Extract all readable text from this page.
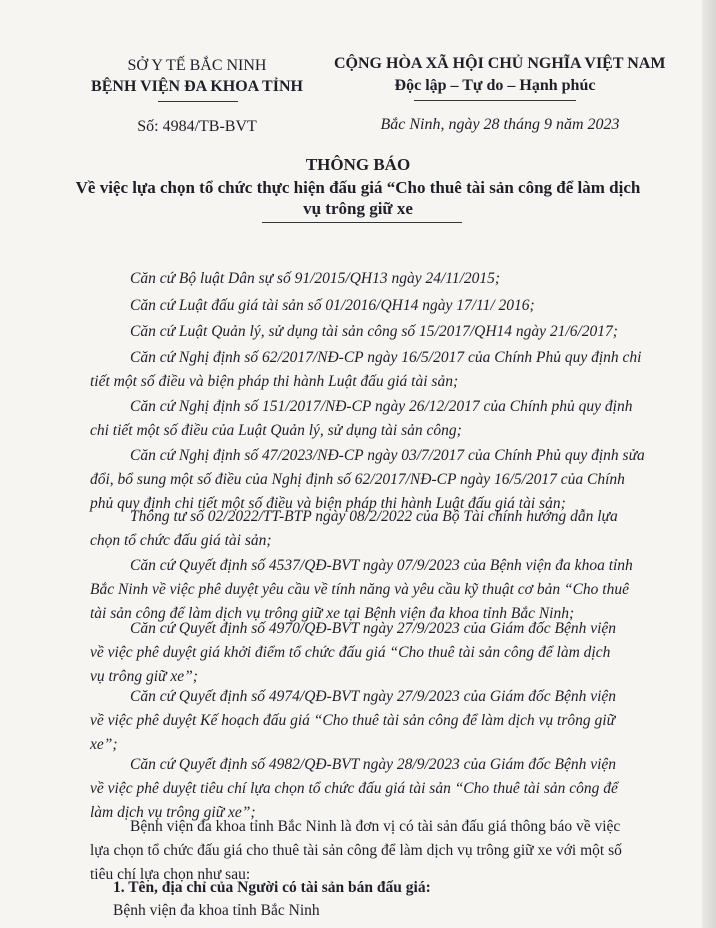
SỞ Y TẾ BẮC NINH
BỆNH VIỆN ĐA KHOA TỈNH
Số: 4984/TB-BVT
CỘNG HÒA XÃ HỘI CHỦ NGHĨA VIỆT NAM
Độc lập – Tự do – Hạnh phúc
Bắc Ninh, ngày 28 tháng 9 năm 2023
THÔNG BÁO
Về việc lựa chọn tổ chức thực hiện đấu giá “Cho thuê tài sản công để làm dịch
vụ trông giữ xe
Căn cứ Bộ luật Dân sự số 91/2015/QH13 ngày 24/11/2015;
Căn cứ Luật đấu giá tài sản số 01/2016/QH14 ngày 17/11/ 2016;
Căn cứ Luật Quản lý, sử dụng tài sản công số 15/2017/QH14 ngày 21/6/2017;
Căn cứ Nghị định số 62/2017/NĐ-CP ngày 16/5/2017 của Chính Phủ quy định chi
tiết một số điều và biện pháp thi hành Luật đấu giá tài sản;
Căn cứ Nghị định số 151/2017/NĐ-CP ngày 26/12/2017 của Chính phủ quy định
chi tiết một số điều của Luật Quản lý, sử dụng tài sản công;
Căn cứ Nghị định số 47/2023/NĐ-CP ngày 03/7/2017 của Chính Phủ quy định sửa
đổi, bổ sung một số điều của Nghị định số 62/2017/NĐ-CP ngày 16/5/2017 của Chính
phủ quy định chi tiết một số điều và biện pháp thi hành Luật đấu giá tài sản;
Thông tư số 02/2022/TT-BTP ngày 08/2/2022 của Bộ Tài chính hướng dẫn lựa
chọn tổ chức đấu giá tài sản;
Căn cứ Quyết định số 4537/QĐ-BVT ngày 07/9/2023 của Bệnh viện đa khoa tỉnh
Bắc Ninh về việc phê duyệt yêu cầu về tính năng và yêu cầu kỹ thuật cơ bản “Cho thuê
tài sản công để làm dịch vụ trông giữ xe tại Bệnh viện đa khoa tỉnh Bắc Ninh;
Căn cứ Quyết định số 4970/QĐ-BVT ngày 27/9/2023 của Giám đốc Bệnh viện
về việc phê duyệt giá khởi điểm tổ chức đấu giá “Cho thuê tài sản công để làm dịch
vụ trông giữ xe”;
Căn cứ Quyết định số 4974/QĐ-BVT ngày 27/9/2023 của Giám đốc Bệnh viện
về việc phê duyệt Kế hoạch đấu giá “Cho thuê tài sản công để làm dịch vụ trông giữ
xe”;
Căn cứ Quyết định số 4982/QĐ-BVT ngày 28/9/2023 của Giám đốc Bệnh viện
về việc phê duyệt tiêu chí lựa chọn tổ chức đấu giá tài sản “Cho thuê tài sản công để
làm dịch vụ trông giữ xe”;
Bệnh viện đa khoa tỉnh Bắc Ninh là đơn vị có tài sản đấu giá thông báo về việc
lựa chọn tổ chức đấu giá cho thuê tài sản công để làm dịch vụ trông giữ xe với một số
tiêu chí lựa chọn như sau:
1. Tên, địa chỉ của Người có tài sản bán đấu giá:
Bệnh viện đa khoa tỉnh Bắc Ninh
